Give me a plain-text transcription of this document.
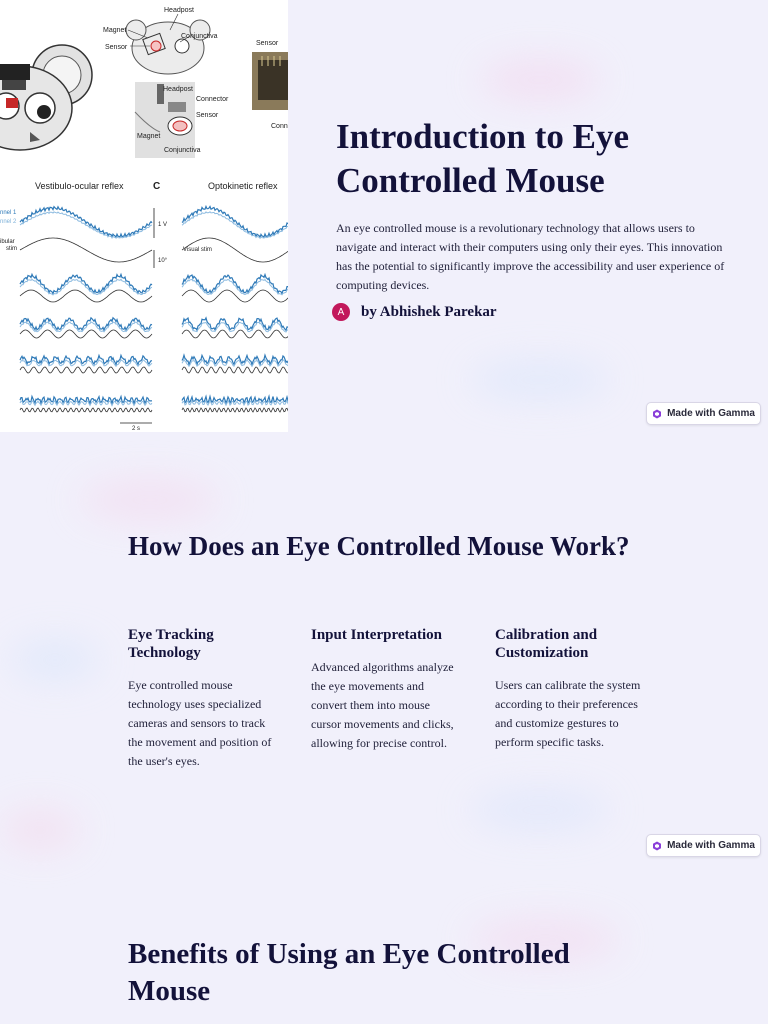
Headpost
Magnet
Sensor
Conjunctiva
Sensor
Conn
Headpost
Connector
Sensor
Magnet
Conjunctiva
Vestibulo-ocular reflex	C	Optokinetic reflex
nnel 1
nnel 2
ibular
stim
1 V
10°
Visual stim
2 s
Introduction to Eye Controlled Mouse

An eye controlled mouse is a revolutionary technology that allows users to navigate and interact with their computers using only their eyes. This innovation has the potential to significantly improve the accessibility and user experience of computing devices.

A	by Abhishek Parekar
Made with Gamma
How Does an Eye Controlled Mouse Work?
Eye Tracking Technology

Eye controlled mouse technology uses specialized cameras and sensors to track the movement and position of the user's eyes.

Input Interpretation

Advanced algorithms analyze the eye movements and convert them into mouse cursor movements and clicks, allowing for precise control.

Calibration and Customization

Users can calibrate the system according to their preferences and customize gestures to perform specific tasks.

Made with Gamma
Benefits of Using an Eye Controlled Mouse
